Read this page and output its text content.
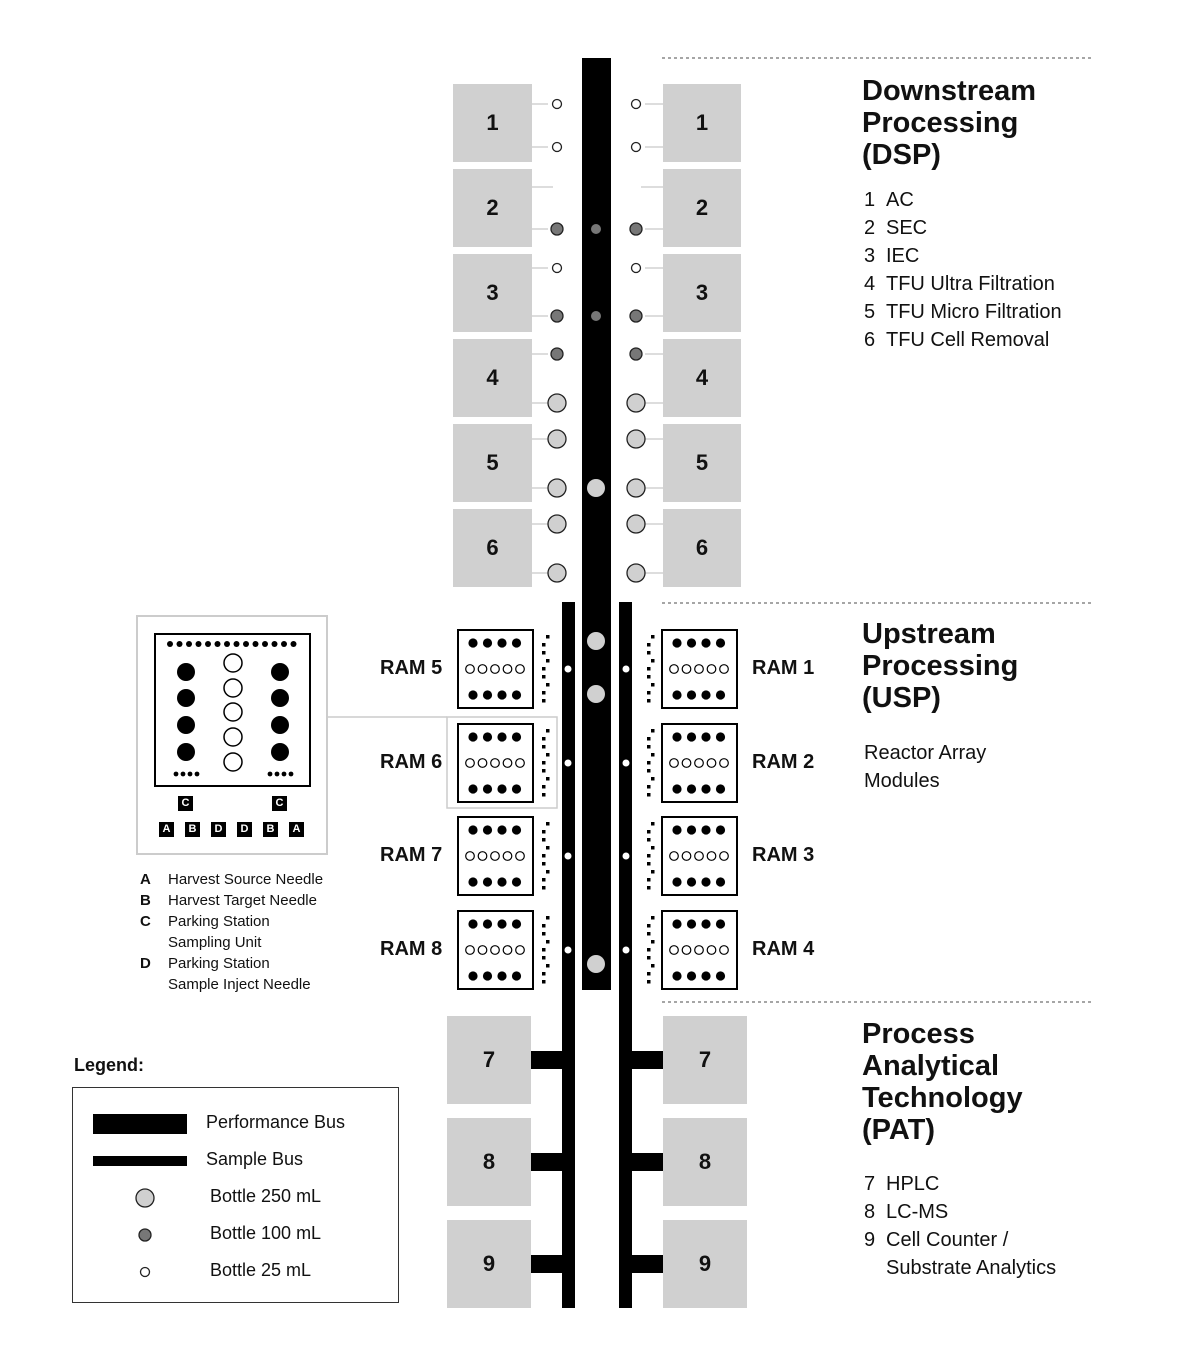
Downstream
Processing
(DSP)
1 AC
2 SEC
3 IEC
4 TFU Ultra Filtration
5 TFU Micro Filtration
6 TFU Cell Removal
Upstream
Processing
(USP)
Reactor Array
Modules
Process
Analytical
Technology
(PAT)
7 HPLC
8 LC-MS
9 Cell Counter /
Substrate Analytics
1	1
2	2
3	3
4	4
5	5
6	6
RAM 5	RAM 1
RAM 6	RAM 2
RAM 7	RAM 3
RAM 8	RAM 4
7	7
8	8
9	9
A Harvest Source Needle
B Harvest Target Needle
C Parking Station
Sampling Unit
D Parking Station
Sample Inject Needle
C	C
A	B	D	D	B	A
Legend:
Performance Bus
Sample Bus
Bottle 250 mL
Bottle 100 mL
Bottle 25 mL
